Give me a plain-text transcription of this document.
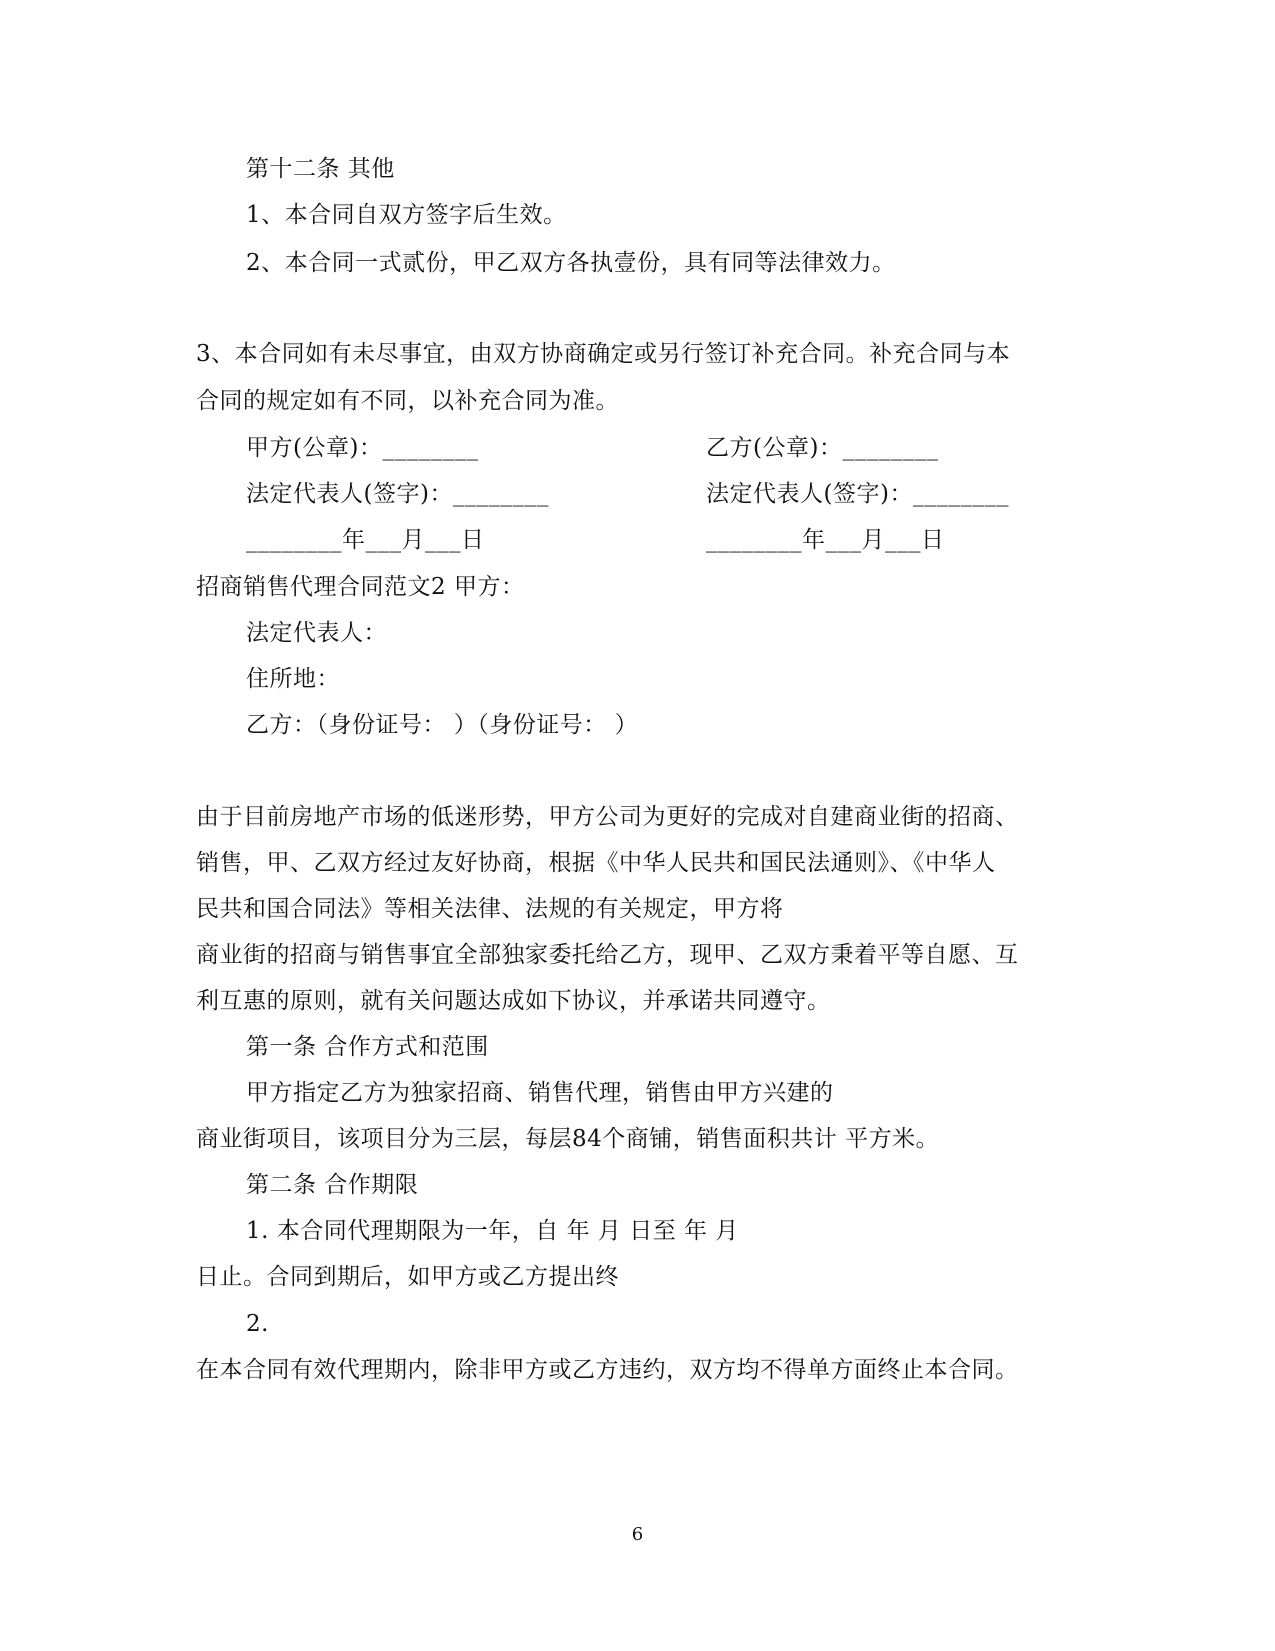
第十二条 其他
1、本合同自双方签字后生效。
2、本合同一式贰份，甲乙双方各执壹份，具有同等法律效力。
3、本合同如有未尽事宜，由双方协商确定或另行签订补充合同。补充合同与本
合同的规定如有不同，以补充合同为准。
甲方(公章)：________	乙方(公章)：________
法定代表人(签字)：________	法定代表人(签字)：________
________年___月___日	________年___月___日
招商销售代理合同范文2 甲方：
法定代表人：
住所地：
乙方：（身份证号： ）（身份证号： ）
由于目前房地产市场的低迷形势，甲方公司为更好的完成对自建商业街的招商、
销售，甲、乙双方经过友好协商，根据《中华人民共和国民法通则》、《中华人
民共和国合同法》等相关法律、法规的有关规定，甲方将
商业街的招商与销售事宜全部独家委托给乙方，现甲、乙双方秉着平等自愿、互
利互惠的原则，就有关问题达成如下协议，并承诺共同遵守。
第一条 合作方式和范围
甲方指定乙方为独家招商、销售代理，销售由甲方兴建的
商业街项目，该项目分为三层，每层84个商铺，销售面积共计 平方米。
第二条 合作期限
1. 本合同代理期限为一年，自 年 月 日至 年 月
日止。合同到期后，如甲方或乙方提出终
2.
在本合同有效代理期内，除非甲方或乙方违约，双方均不得单方面终止本合同。
6
